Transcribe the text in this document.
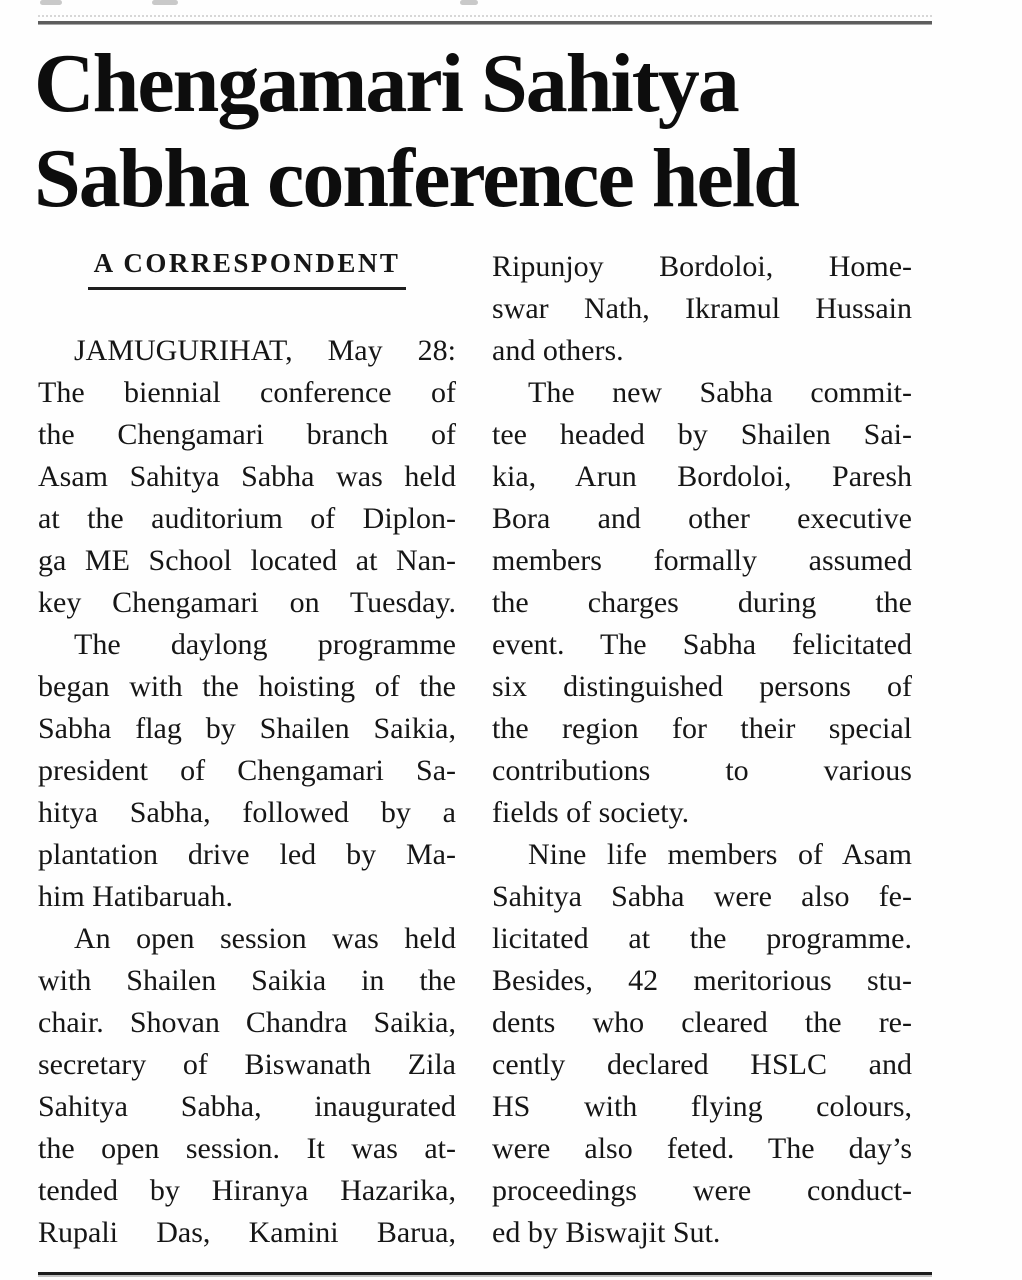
Chengamari Sahitya
Sabha conference held
A CORRESPONDENT
JAMUGURIHAT, May 28:
The biennial conference of
the Chengamari branch of
Asam Sahitya Sabha was held
at the auditorium of Diplon-
ga ME School located at Nan-
key Chengamari on Tuesday.
The daylong programme
began with the hoisting of the
Sabha flag by Shailen Saikia,
president of Chengamari Sa-
hitya Sabha, followed by a
plantation drive led by Ma-
him Hatibaruah.
An open session was held
with Shailen Saikia in the
chair. Shovan Chandra Saikia,
secretary of Biswanath Zila
Sahitya Sabha, inaugurated
the open session. It was at-
tended by Hiranya Hazarika,
Rupali Das, Kamini Barua,
Ripunjoy Bordoloi, Home-
swar Nath, Ikramul Hussain
and others.
The new Sabha commit-
tee headed by Shailen Sai-
kia, Arun Bordoloi, Paresh
Bora and other executive
members formally assumed
the charges during the
event. The Sabha felicitated
six distinguished persons of
the region for their special
contributions to various
fields of society.
Nine life members of Asam
Sahitya Sabha were also fe-
licitated at the programme.
Besides, 42 meritorious stu-
dents who cleared the re-
cently declared HSLC and
HS with flying colours,
were also feted. The day’s
proceedings were conduct-
ed by Biswajit Sut.
